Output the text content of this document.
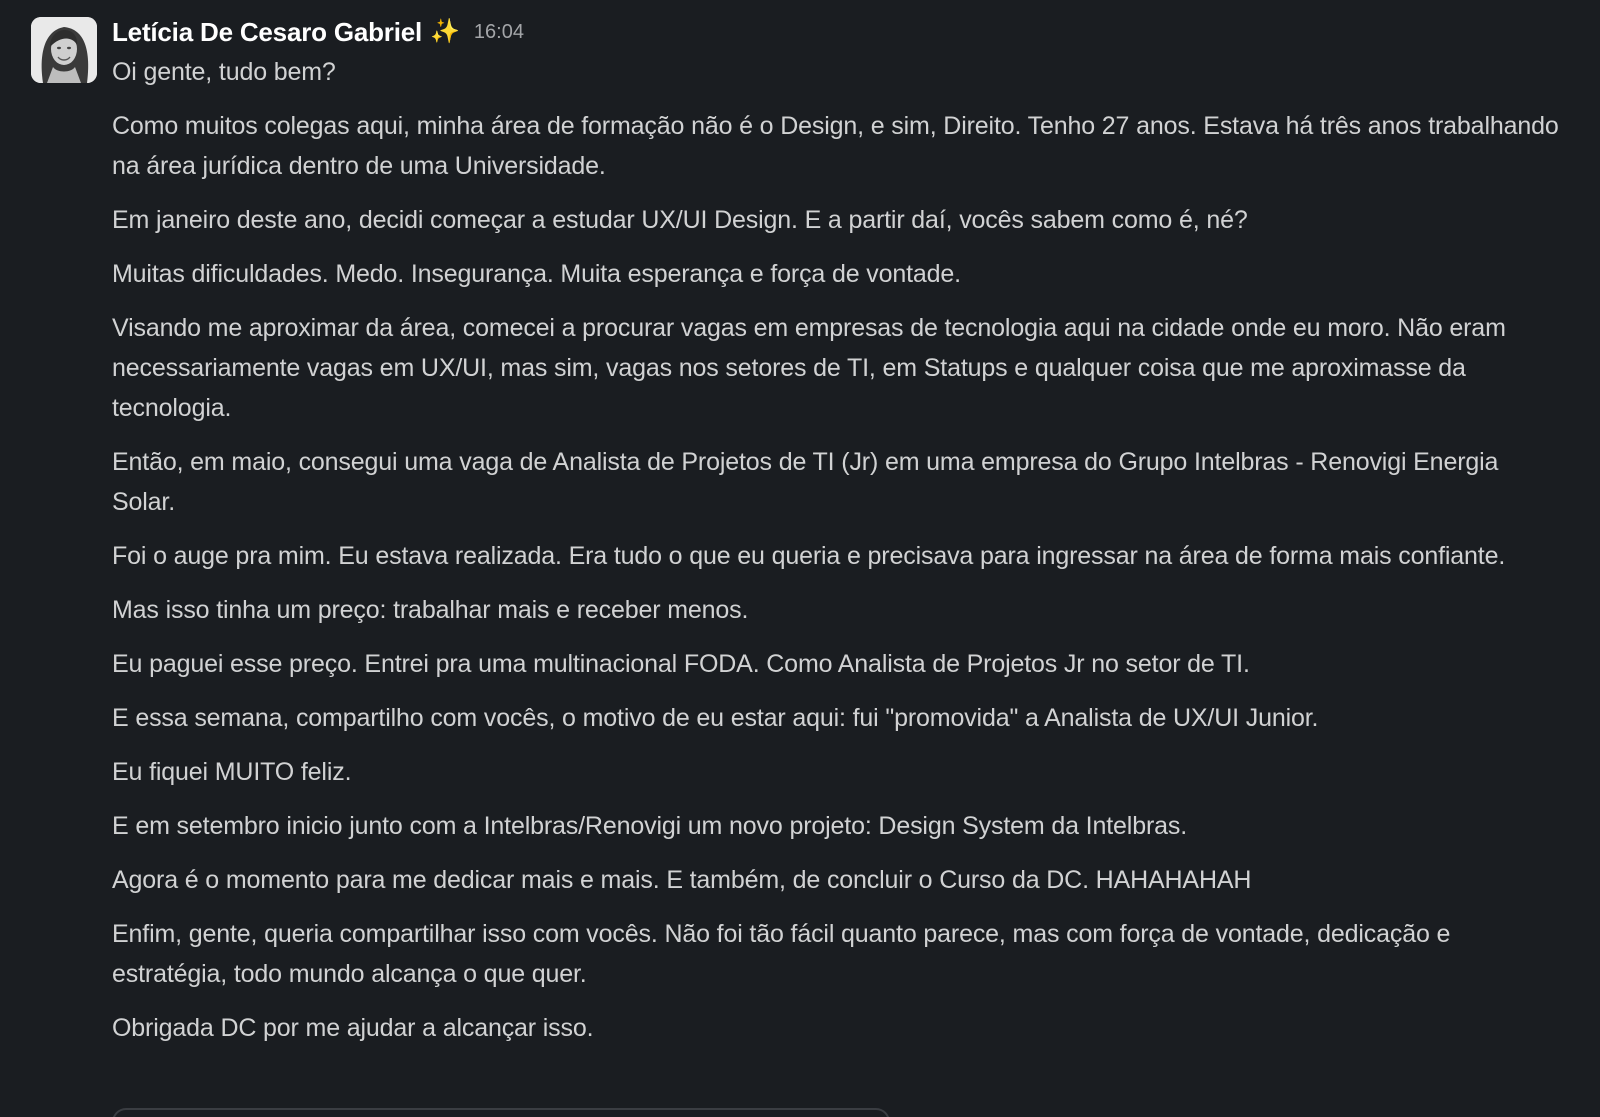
Letícia De Cesaro Gabriel ✨ 16:04

Oi gente, tudo bem?

Como muitos colegas aqui, minha área de formação não é o Design, e sim, Direito. Tenho 27 anos. Estava há três anos trabalhando na área jurídica dentro de uma Universidade.

Em janeiro deste ano, decidi começar a estudar UX/UI Design. E a partir daí, vocês sabem como é, né?

Muitas dificuldades. Medo. Insegurança. Muita esperança e força de vontade.

Visando me aproximar da área, comecei a procurar vagas em empresas de tecnologia aqui na cidade onde eu moro. Não eram necessariamente vagas em UX/UI, mas sim, vagas nos setores de TI, em Statups e qualquer coisa que me aproximasse da tecnologia.

Então, em maio, consegui uma vaga de Analista de Projetos de TI (Jr) em uma empresa do Grupo Intelbras - Renovigi Energia Solar.

Foi o auge pra mim. Eu estava realizada. Era tudo o que eu queria e precisava para ingressar na área de forma mais confiante.

Mas isso tinha um preço: trabalhar mais e receber menos.

Eu paguei esse preço. Entrei pra uma multinacional FODA. Como Analista de Projetos Jr no setor de TI.

E essa semana, compartilho com vocês, o motivo de eu estar aqui: fui "promovida" a Analista de UX/UI Junior.

Eu fiquei MUITO feliz.

E em setembro inicio junto com a Intelbras/Renovigi um novo projeto: Design System da Intelbras.

Agora é o momento para me dedicar mais e mais. E também, de concluir o Curso da DC. HAHAHAHAH

Enfim, gente, queria compartilhar isso com vocês. Não foi tão fácil quanto parece, mas com força de vontade, dedicação e estratégia, todo mundo alcança o que quer.

Obrigada DC por me ajudar a alcançar isso.
